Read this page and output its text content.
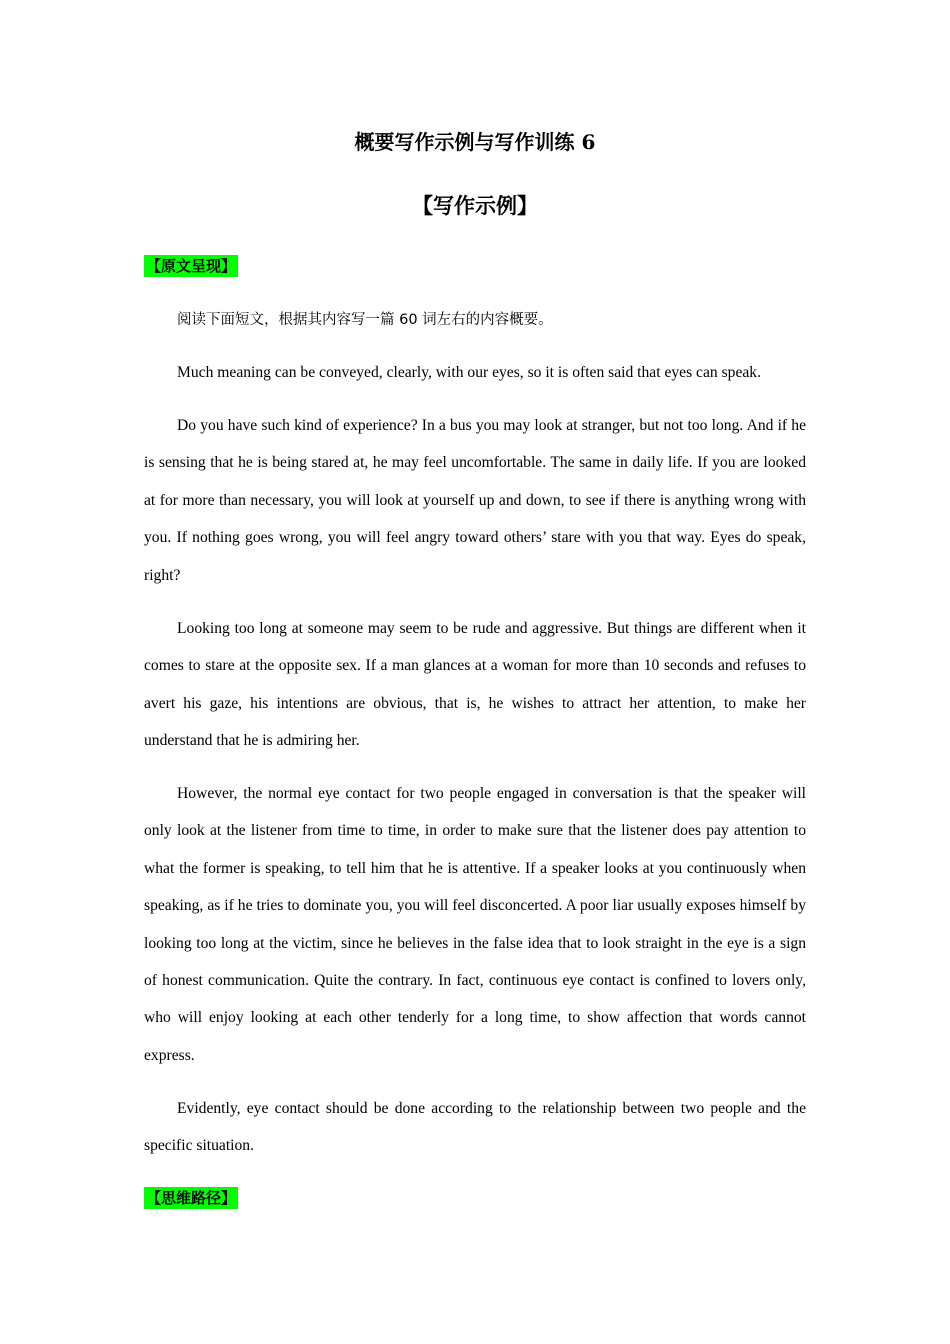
概要写作示例与写作训练 6
【写作示例】
【原文呈现】

阅读下面短文，根据其内容写一篇 60 词左右的内容概要。

Much meaning can be conveyed, clearly, with our eyes, so it is often said that eyes can speak.

Do you have such kind of experience? In a bus you may look at stranger, but not too long. And if he is sensing that he is being stared at, he may feel uncomfortable. The same in daily life. If you are looked at for more than necessary, you will look at yourself up and down, to see if there is anything wrong with you. If nothing goes wrong, you will feel angry toward others’ stare with you that way. Eyes do speak, right?

Looking too long at someone may seem to be rude and aggressive. But things are different when it comes to stare at the opposite sex. If a man glances at a woman for more than 10 seconds and refuses to avert his gaze, his intentions are obvious, that is, he wishes to attract her attention, to make her understand that he is admiring her.

However, the normal eye contact for two people engaged in conversation is that the speaker will only look at the listener from time to time, in order to make sure that the listener does pay attention to what the former is speaking, to tell him that he is attentive. If a speaker looks at you continuously when speaking, as if he tries to dominate you, you will feel disconcerted. A poor liar usually exposes himself by looking too long at the victim, since he believes in the false idea that to look straight in the eye is a sign of honest communication. Quite the contrary. In fact, continuous eye contact is confined to lovers only, who will enjoy looking at each other tenderly for a long time, to show affection that words cannot express.

Evidently, eye contact should be done according to the relationship between two people and the specific situation.

【思维路径】
